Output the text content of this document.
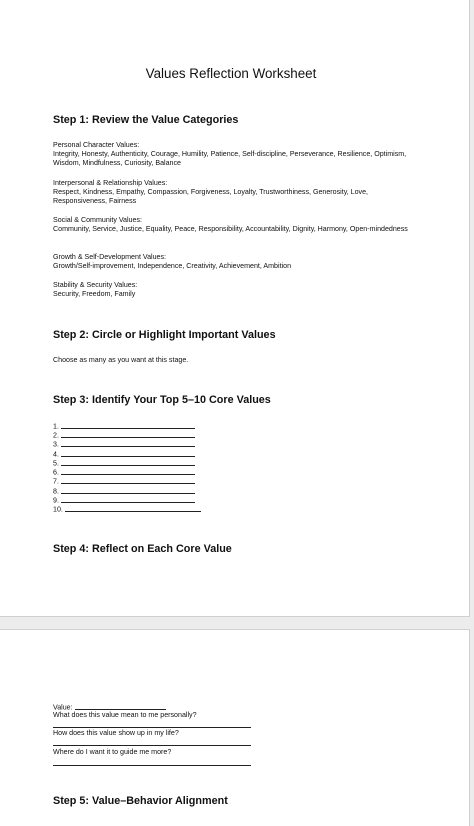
Values Reflection Worksheet
Step 1: Review the Value Categories
Personal Character Values:
Integrity, Honesty, Authenticity, Courage, Humility, Patience, Self-discipline, Perseverance, Resilience, Optimism, Wisdom, Mindfulness, Curiosity, Balance
Interpersonal & Relationship Values:
Respect, Kindness, Empathy, Compassion, Forgiveness, Loyalty, Trustworthiness, Generosity, Love, Responsiveness, Fairness
Social & Community Values:
Community, Service, Justice, Equality, Peace, Responsibility, Accountability, Dignity, Harmony, Open-mindedness
Growth & Self-Development Values:
Growth/Self-improvement, Independence, Creativity, Achievement, Ambition
Stability & Security Values:
Security, Freedom, Family
Step 2: Circle or Highlight Important Values
Choose as many as you want at this stage.
Step 3: Identify Your Top 5–10 Core Values
1.
2.
3.
4.
5.
6.
7.
8.
9.
10.
Step 4: Reflect on Each Core Value
Value:
What does this value mean to me personally?
How does this value show up in my life?
Where do I want it to guide me more?
Step 5: Value–Behavior Alignment
